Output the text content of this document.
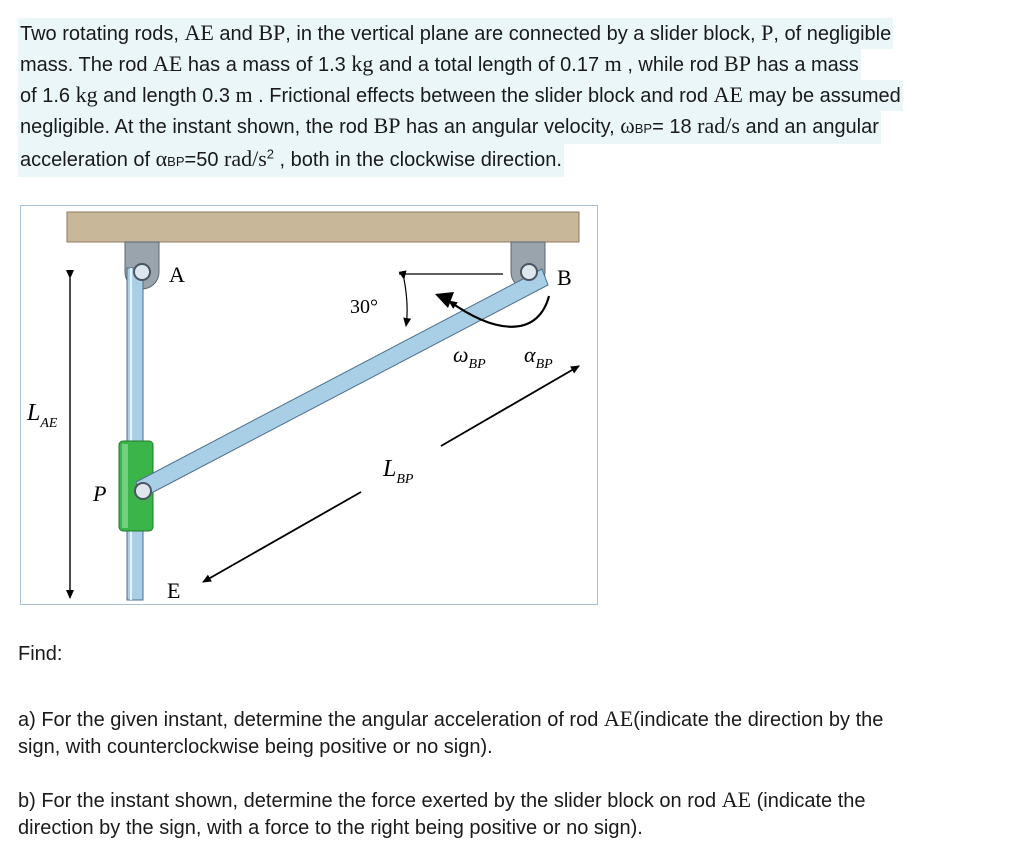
Two rotating rods, AE and BP, in the vertical plane are connected by a slider block, P, of negligible
mass. The rod AE has a mass of 1.3 kg and a total length of 0.17 m , while rod BP has a mass
of 1.6 kg and length 0.3 m . Frictional effects between the slider block and rod AE may be assumed
negligible. At the instant shown, the rod BP has an angular velocity, ωBP= 18 rad/s and an angular
acceleration of αBP=50 rad/$s^2$ , both in the clockwise direction.
30°
$\omega_{BP}$ $\alpha_{BP}$
A	B
P
E
$L_{AE}$
$L_{BP}$
Find:
a) For the given instant, determine the angular acceleration of rod AE(indicate the direction by the
sign, with counterclockwise being positive or no sign).
b) For the instant shown, determine the force exerted by the slider block on rod AE (indicate the
direction by the sign, with a force to the right being positive or no sign).
